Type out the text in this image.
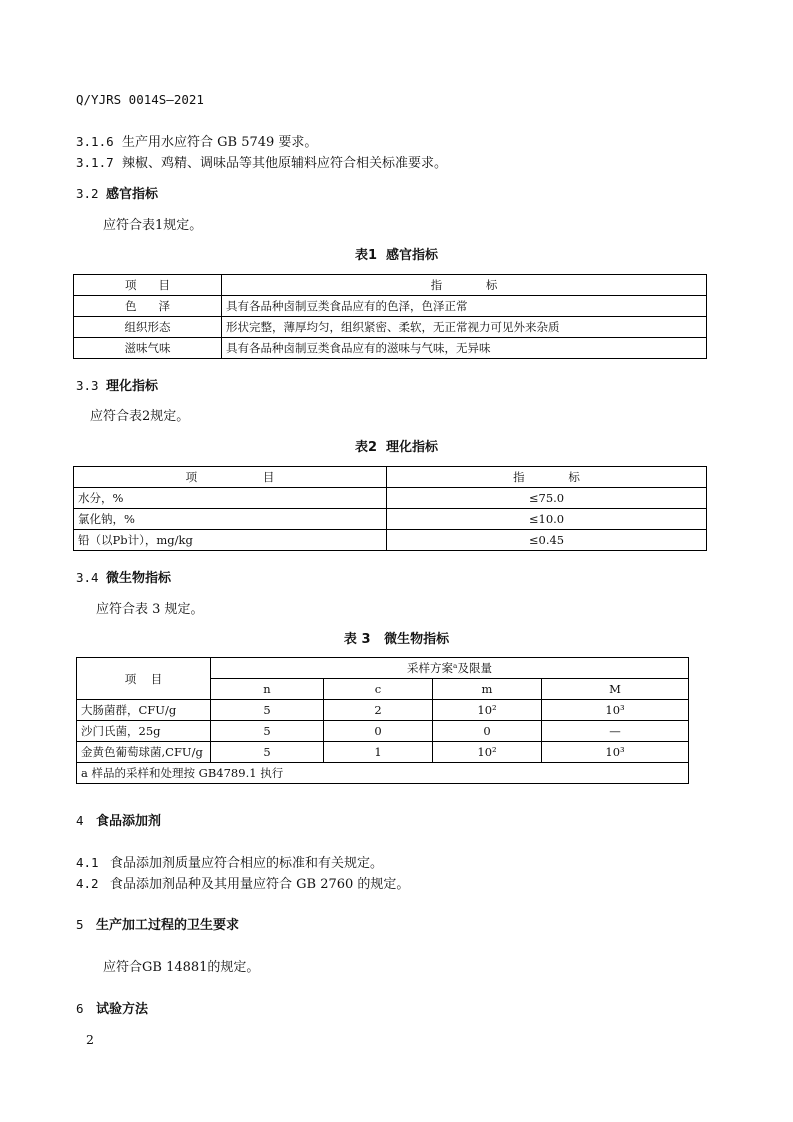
Q/YJRS 0014S—2021
3.1.6 生产用水应符合 GB 5749 要求。
3.1.7 辣椒、鸡精、调味品等其他原辅料应符合相关标准要求。
3.2 感官指标
应符合表1规定。
表1  感官指标
项      目	指            标
色      泽	具有各品种卤制豆类食品应有的色泽，色泽正常
组织形态	形状完整，薄厚均匀，组织紧密、柔软，无正常视力可见外来杂质
滋味气味	具有各品种卤制豆类食品应有的滋味与气味，无异味
3.3 理化指标
应符合表2规定。
表2  理化指标
项                  目	指            标
水分，%	≤75.0
氯化钠，%	≤10.0
铅（以Pb计），mg/kg	≤0.45
3.4 微生物指标
应符合表 3 规定。
表 3   微生物指标
项    目	采样方案ᵃ及限量			
	n	c	m	M
大肠菌群，CFU/g	5	2	10²	10³
沙门氏菌，25g	5	0	0	—
金黄色葡萄球菌,CFU/g	5	1	10²	10³
a 样品的采样和处理按 GB4789.1 执行				
4 食品添加剂
4.1 食品添加剂质量应符合相应的标准和有关规定。
4.2 食品添加剂品种及其用量应符合 GB 2760 的规定。
5 生产加工过程的卫生要求
应符合GB 14881的规定。
6 试验方法
2
